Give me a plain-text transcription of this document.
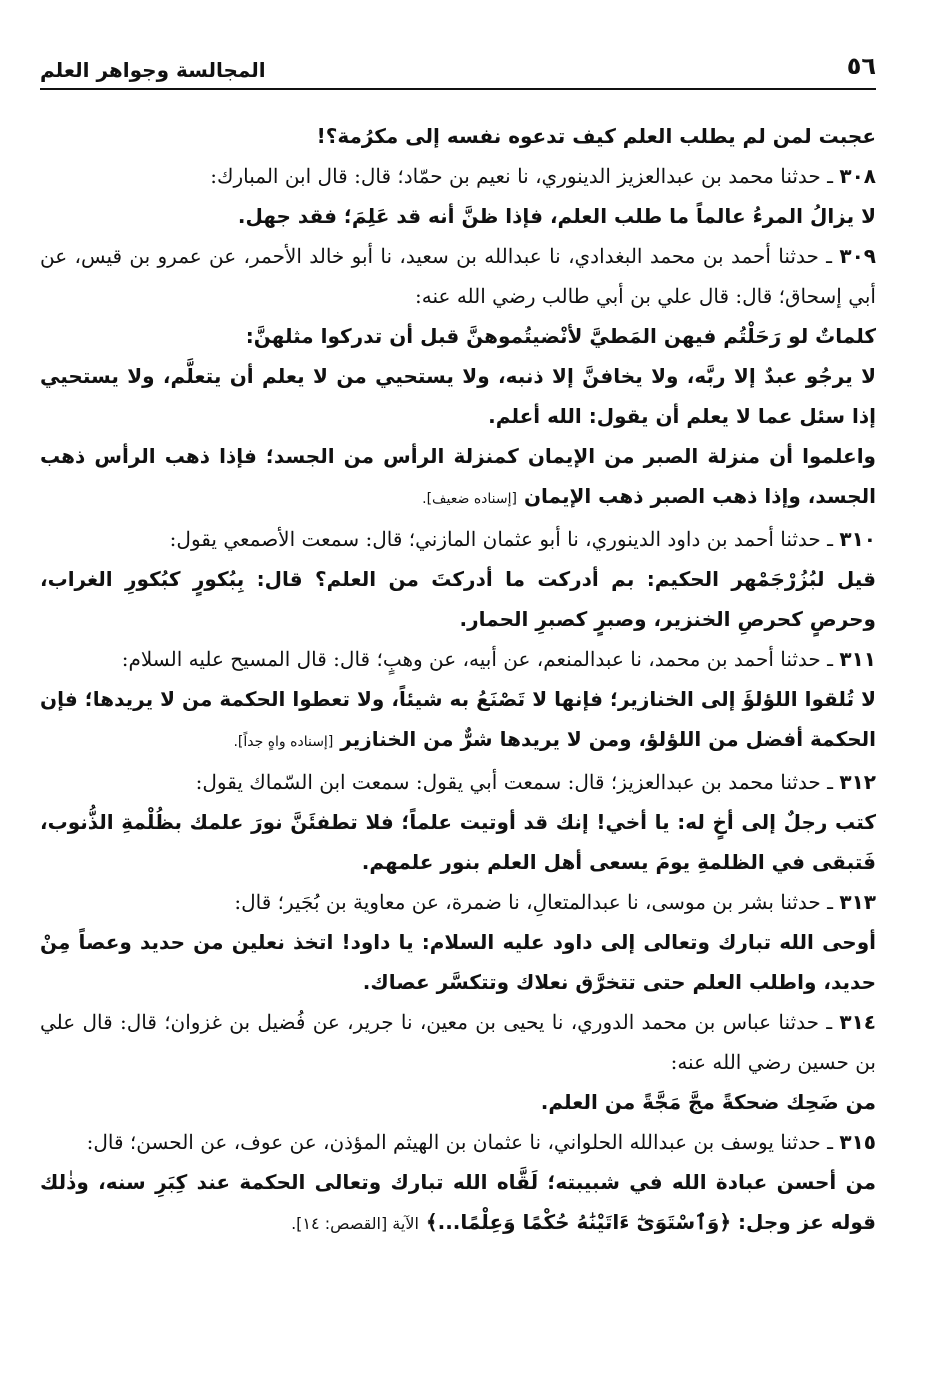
٥٦
المجالسة وجواهر العلم

عجبت لمن لم يطلب العلم كيف تدعوه نفسه إلى مكرُمة؟!

٣٠٨ ـ حدثنا محمد بن عبدالعزيز الدينوري، نا نعيم بن حمّاد؛ قال: قال ابن المبارك:

لا يزالُ المرءُ عالماً ما طلب العلم، فإذا ظنَّ أنه قد عَلِمَ؛ فقد جهل.

٣٠٩ ـ حدثنا أحمد بن محمد البغدادي، نا عبدالله بن سعيد، نا أبو خالد الأحمر، عن عمرو بن قيس، عن أبي إسحاق؛ قال: قال علي بن أبي طالب رضي الله عنه:

كلماتٌ لو رَحَلْتُم فيهن المَطيَّ لأنْضيتُموهنَّ قبل أن تدركوا مثلهنَّ:

لا يرجُو عبدٌ إلا ربَّه، ولا يخافنَّ إلا ذنبه، ولا يستحيي من لا يعلم أن يتعلَّم، ولا يستحيي إذا سئل عما لا يعلم أن يقول: الله أعلم.

واعلموا أن منزلة الصبر من الإيمان كمنزلة الرأس من الجسد؛ فإذا ذهب الرأس ذهب الجسد، وإذا ذهب الصبر ذهب الإيمان [إسناده ضعيف].

٣١٠ ـ حدثنا أحمد بن داود الدينوري، نا أبو عثمان المازني؛ قال: سمعت الأصمعي يقول:

قيل لبُزُرْجَمْهر الحكيم: بم أدركت ما أدركتَ من العلم؟ قال: بِبُكورٍ كبُكورِ الغراب، وحرصٍ كحرصِ الخنزير، وصبرٍ كصبرِ الحمار.

٣١١ ـ حدثنا أحمد بن محمد، نا عبدالمنعم، عن أبيه، عن وهبٍ؛ قال: قال المسيح عليه السلام:

لا تُلقوا اللؤلؤَ إلى الخنازير؛ فإنها لا تَصْنَعُ به شيئاً، ولا تعطوا الحكمة من لا يريدها؛ فإن الحكمة أفضل من اللؤلؤ، ومن لا يريدها شرٌّ من الخنازير [إسناده واهٍ جداً].

٣١٢ ـ حدثنا محمد بن عبدالعزيز؛ قال: سمعت أبي يقول: سمعت ابن السّماك يقول:

كتب رجلٌ إلى أخٍ له: يا أخي! إنك قد أوتيت علماً؛ فلا تطفئَنَّ نورَ علمك بظُلْمةِ الذُّنوب، فَتبقى في الظلمةِ يومَ يسعى أهل العلم بنور علمهم.

٣١٣ ـ حدثنا بشر بن موسى، نا عبدالمتعالِ، نا ضمرة، عن معاوية بن بُجَير؛ قال:

أوحى الله تبارك وتعالى إلى داود عليه السلام: يا داود! اتخذ نعلين من حديد وعصاً مِنْ حديد، واطلب العلم حتى تتخرَّق نعلاك وتتكسَّر عصاك.

٣١٤ ـ حدثنا عباس بن محمد الدوري، نا يحيى بن معين، نا جرير، عن فُضيل بن غزوان؛ قال: قال علي بن حسين رضي الله عنه:

من ضَحِك ضحكةً مجَّ مَجَّةً من العلم.

٣١٥ ـ حدثنا يوسف بن عبدالله الحلواني، نا عثمان بن الهيثم المؤذن، عن عوف، عن الحسن؛ قال:

من أحسن عبادة الله في شبيبته؛ لَقَّاه الله تبارك وتعالى الحكمة عند كِبَرِ سنه، وذٰلك قوله عز وجل: ﴿وَٱسْتَوَىٰٓ ءَاتَيْنَٰهُ حُكْمًا وَعِلْمًا...﴾ الآية [القصص: ١٤].
